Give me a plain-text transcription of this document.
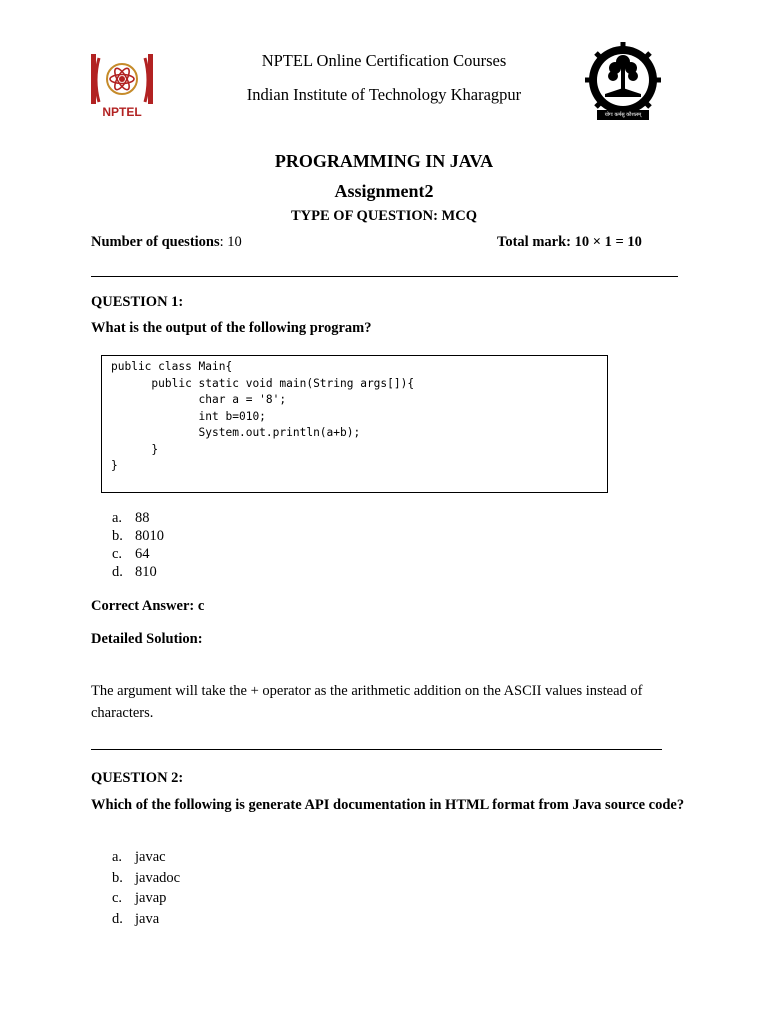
NPTEL	योगः कर्मसु कौशलम्
NPTEL Online Certification Courses
Indian Institute of Technology Kharagpur
PROGRAMMING IN JAVA
Assignment2
TYPE OF QUESTION: MCQ
Number of questions: 10	Total mark: 10 × 1 = 10
QUESTION 1:
What is the output of the following program?
public class Main{
public static void main(String args[]){
char a = '8';
int b=010;
System.out.println(a+b);
}
}
a. 88
b. 8010
c. 64
d. 810
Correct Answer: c
Detailed Solution:
The argument will take the + operator as the arithmetic addition on the ASCII values instead of characters.
QUESTION 2:
Which of the following is generate API documentation in HTML format from Java source code?
a. javac
b. javadoc
c. javap
d. java
